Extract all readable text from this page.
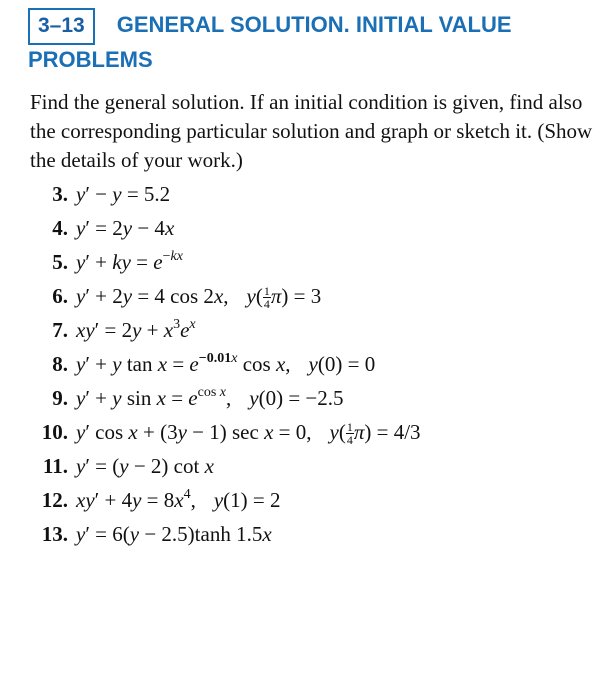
3–13 GENERAL SOLUTION. INITIAL VALUE
PROBLEMS
Find the general solution. If an initial condition is given, find also the corresponding particular solution and graph or sketch it. (Show the details of your work.)
3. y′ − y = 5.2
4. y′ = 2y − 4x
5. y′ + ky = $e^{-kx}$
6. y′ + 2y = 4 cos 2x, $y( \frac{1}{4} \pi) = 3$
7. $xy' = 2y + x^3e^x$
8. y′ + y $\tan x = e^{-0.01x}$ cos x, y(0) = 0
9. y′ + y $\sin x = e^{cos x}$, y(0) = −2.5
10. y′ cos x + (3y − 1) sec x = 0, $y( \frac{1}{4} \pi) = 4/3$
11. y′ = (y − 2) cot x
12. $xy' + 4y = 8x^4$, y(1) = 2
13. y′ = 6(y − 2.5)tanh 1.5x
